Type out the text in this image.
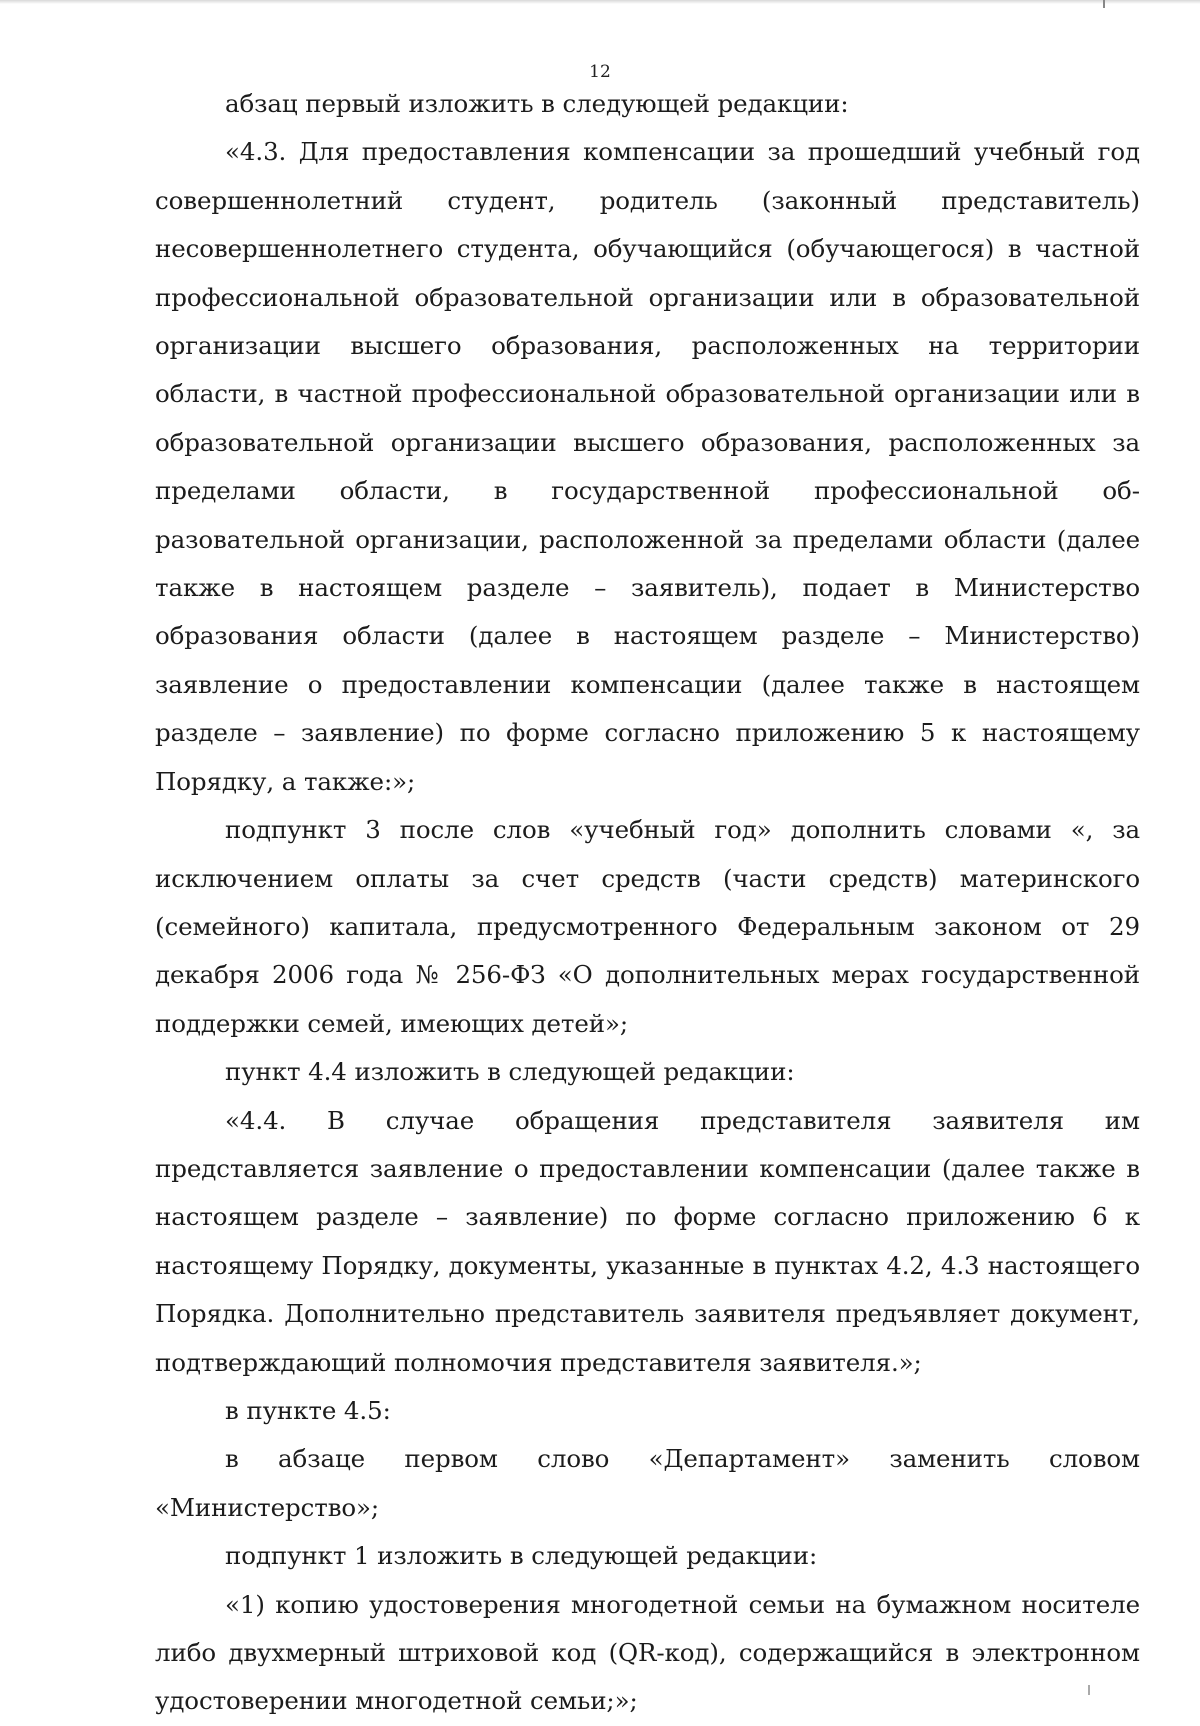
12

абзац первый изложить в следующей редакции:

«4.3. Для предоставления компенсации за прошедший учебный год совершеннолетний студент, родитель (законный представитель) несовершеннолетнего студента, обучающийся (обучающегося) в частной профессиональной образовательной организации или в образовательной организации высшего образования, расположенных на территории области, в частной профессиональной образовательной организации или в образовательной организации высшего образования, расположенных за пределами области, в государственной профессиональной образовательной организации, расположенной за пределами области (далее также в настоящем разделе – заявитель), подает в Министерство образования области (далее в настоящем разделе – Министерство) заявление о предоставлении компенсации (далее также в настоящем разделе – заявление) по форме согласно приложению 5 к настоящему Порядку, а также:»;

подпункт 3 после слов «учебный год» дополнить словами «, за исключением оплаты за счет средств (части средств) материнского (семейного) капитала, предусмотренного Федеральным законом от 29 декабря 2006 года № 256-ФЗ «О дополнительных мерах государственной поддержки семей, имеющих детей»;

пункт 4.4 изложить в следующей редакции:

«4.4. В случае обращения представителя заявителя им представляется заявление о предоставлении компенсации (далее также в настоящем разделе – заявление) по форме согласно приложению 6 к настоящему Порядку, документы, указанные в пунктах 4.2, 4.3 настоящего Порядка. Дополнительно представитель заявителя предъявляет документ, подтверждающий полномочия представителя заявителя.»;

в пункте 4.5:

в абзаце первом слово «Департамент» заменить словом «Министерство»;

подпункт 1 изложить в следующей редакции:

«1) копию удостоверения многодетной семьи на бумажном носителе либо двухмерный штриховой код (QR-код), содержащийся в электронном удостоверении многодетной семьи;»;
